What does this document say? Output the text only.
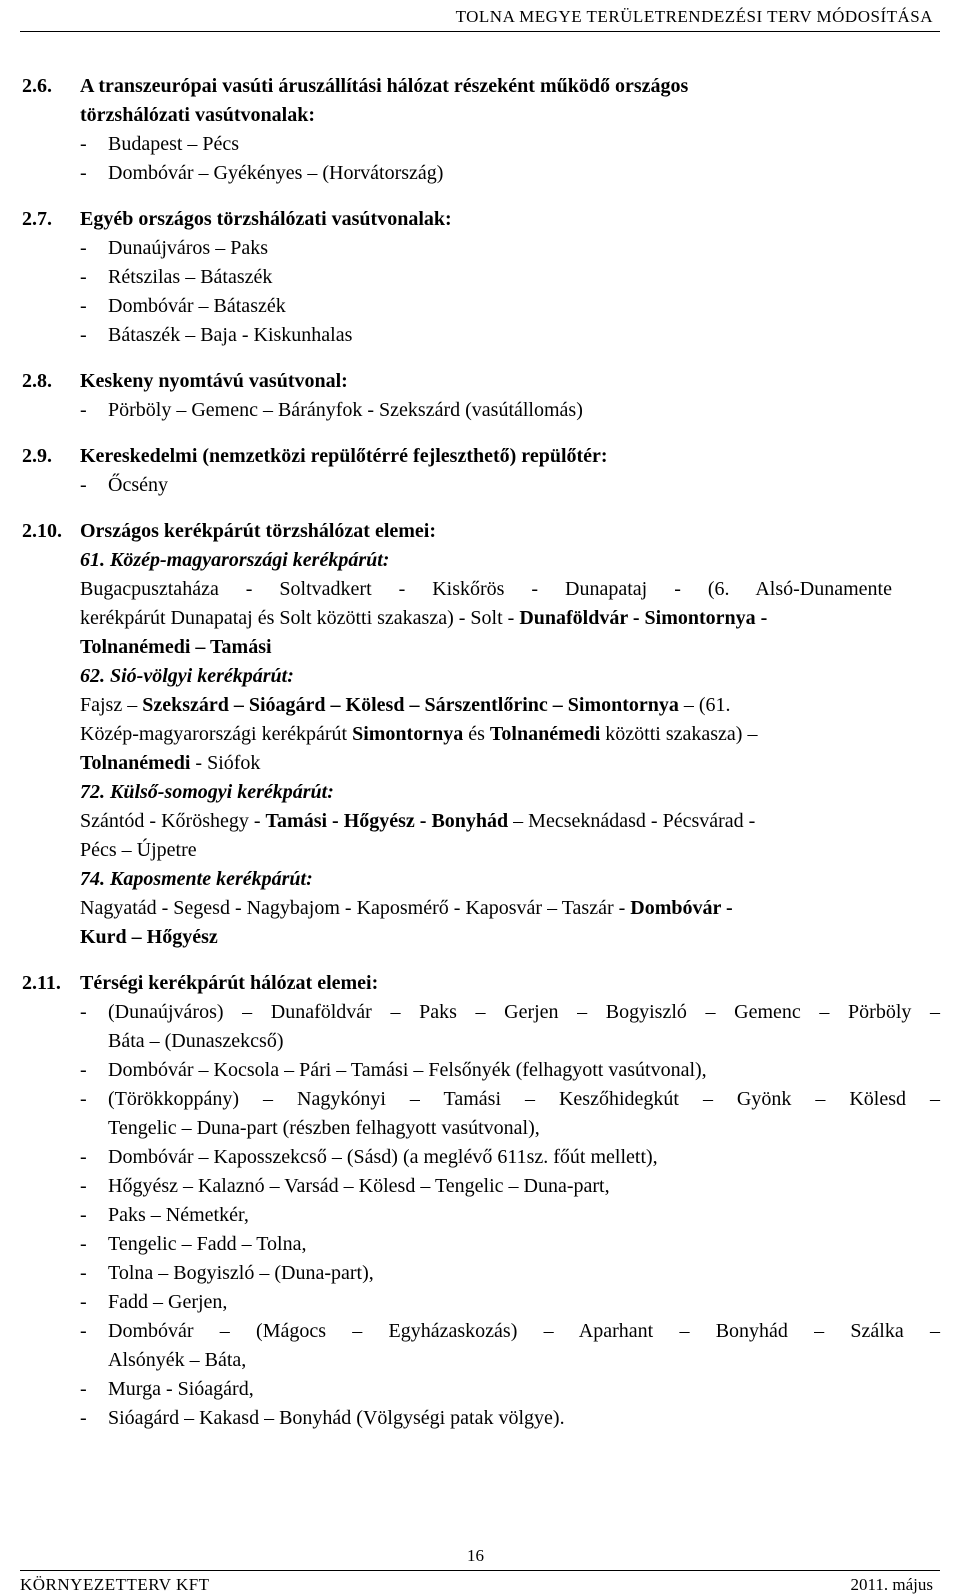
TOLNA MEGYE TERÜLETRENDEZÉSI TERV MÓDOSÍTÁSA
2.6. A transzeurópai vasúti áruszállítási hálózat részeként működő országos
törzshálózati vasútvonalak:
- Budapest – Pécs
- Dombóvár – Gyékényes – (Horvátország)
2.7. Egyéb országos törzshálózati vasútvonalak:
- Dunaújváros – Paks
- Rétszilas – Bátaszék
- Dombóvár – Bátaszék
- Bátaszék – Baja - Kiskunhalas
2.8. Keskeny nyomtávú vasútvonal:
- Pörböly – Gemenc – Bárányfok - Szekszárd (vasútállomás)
2.9. Kereskedelmi (nemzetközi repülőtérré fejleszthető) repülőtér:
- Őcsény
2.10. Országos kerékpárút törzshálózat elemei:
61. Közép-magyarországi kerékpárút:
Bugacpusztaháza - Soltvadkert - Kiskőrös - Dunapataj - (6. Alsó-Dunamente
kerékpárút Dunapataj és Solt közötti szakasza) - Solt - Dunaföldvár - Simontornya -
Tolnanémedi – Tamási
62. Sió-völgyi kerékpárút:
Fajsz – Szekszárd – Sióagárd – Kölesd – Sárszentlőrinc – Simontornya – (61.
Közép-magyarországi kerékpárút Simontornya és Tolnanémedi közötti szakasza) –
Tolnanémedi - Siófok
72. Külső-somogyi kerékpárút:
Szántód - Kőröshegy - Tamási - Hőgyész - Bonyhád – Mecseknádasd - Pécsvárad -
Pécs – Újpetre
74. Kaposmente kerékpárút:
Nagyatád - Segesd - Nagybajom - Kaposmérő - Kaposvár – Taszár - Dombóvár -
Kurd – Hőgyész
2.11. Térségi kerékpárút hálózat elemei:
- (Dunaújváros) – Dunaföldvár – Paks – Gerjen – Bogyiszló – Gemenc – Pörböly –
Báta – (Dunaszekcső)
- Dombóvár – Kocsola – Pári – Tamási – Felsőnyék (felhagyott vasútvonal),
- (Törökkoppány) – Nagykónyi – Tamási – Keszőhidegkút – Gyönk – Kölesd –
Tengelic – Duna-part (részben felhagyott vasútvonal),
- Dombóvár – Kaposszekcső – (Sásd) (a meglévő 611sz. főút mellett),
- Hőgyész – Kalaznó – Varsád – Kölesd – Tengelic – Duna-part,
- Paks – Németkér,
- Tengelic – Fadd – Tolna,
- Tolna – Bogyiszló – (Duna-part),
- Fadd – Gerjen,
- Dombóvár – (Mágocs – Egyházaskozás) – Aparhant – Bonyhád – Szálka –
Alsónyék – Báta,
- Murga - Sióagárd,
- Sióagárd – Kakasd – Bonyhád (Völgységi patak völgye).
16
KÖRNYEZETTERV KFT	2011. május
